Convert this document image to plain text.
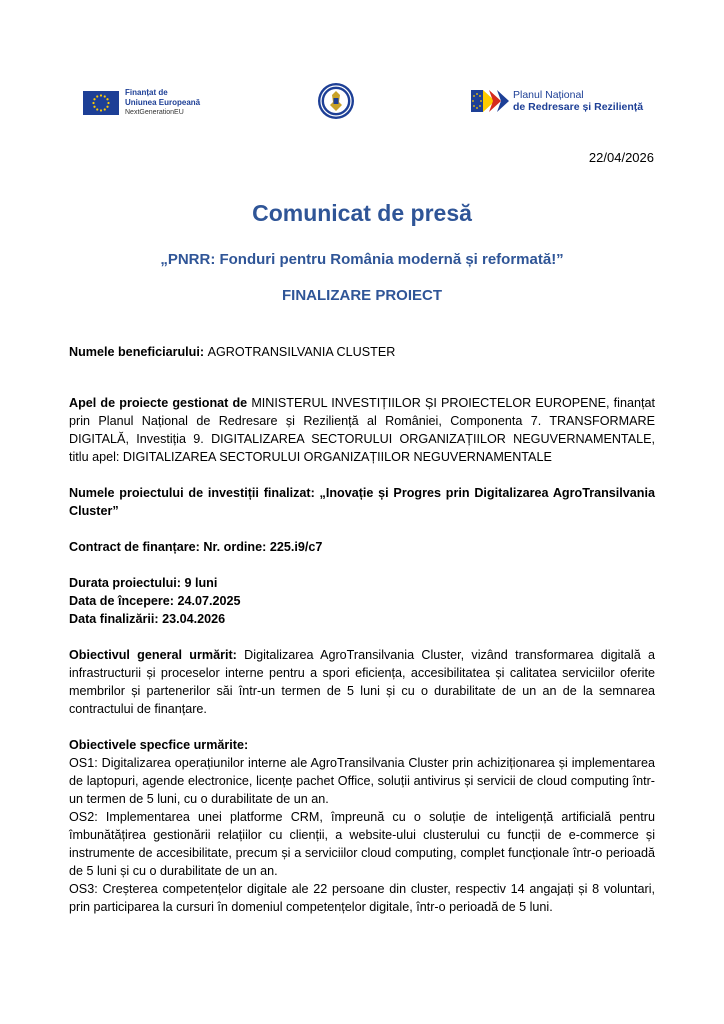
Finanțat de
Uniunea Europeană
NextGenerationEU
Planul Național
de Redresare și Reziliență
22/04/2026
Comunicat de presă
„PNRR: Fonduri pentru România modernă și reformată!”
FINALIZARE PROIECT

Numele beneficiarului: AGROTRANSILVANIA CLUSTER

Apel de proiecte gestionat de MINISTERUL INVESTIȚIILOR ȘI PROIECTELOR EUROPENE, finanțat prin Planul Național de Redresare și Reziliență al României, Componenta 7. TRANSFORMARE DIGITALĂ, Investiția 9. DIGITALIZAREA SECTORULUI ORGANIZAȚIILOR NEGUVERNAMENTALE, titlu apel: DIGITALIZAREA SECTORULUI ORGANIZAȚIILOR NEGUVERNAMENTALE

Numele proiectului de investiții finalizat: „Inovație și Progres prin Digitalizarea AgroTransilvania Cluster”

Contract de finanțare: Nr. ordine: 225.i9/c7

Durata proiectului: 9 luni

Data de începere: 24.07.2025

Data finalizării: 23.04.2026

Obiectivul general urmărit: Digitalizarea AgroTransilvania Cluster, vizând transformarea digitală a infrastructurii și proceselor interne pentru a spori eficiența, accesibilitatea și calitatea serviciilor oferite membrilor și partenerilor săi într-un termen de 5 luni și cu o durabilitate de un an de la semnarea contractului de finanțare.

Obiectivele specfice urmărite:

OS1: Digitalizarea operațiunilor interne ale AgroTransilvania Cluster prin achiziționarea și implementarea de laptopuri, agende electronice, licențe pachet Office, soluții antivirus și servicii de cloud computing într-un termen de 5 luni, cu o durabilitate de un an.

OS2: Implementarea unei platforme CRM, împreună cu o soluție de inteligență artificială pentru îmbunătățirea gestionării relațiilor cu clienții, a website-ului clusterului cu funcții de e-commerce și instrumente de accesibilitate, precum și a serviciilor cloud computing, complet funcționale într-o perioadă de 5 luni și cu o durabilitate de un an.

OS3: Creșterea competențelor digitale ale 22 persoane din cluster, respectiv 14 angajați și 8 voluntari, prin participarea la cursuri în domeniul competențelor digitale, într-o perioadă de 5 luni.
